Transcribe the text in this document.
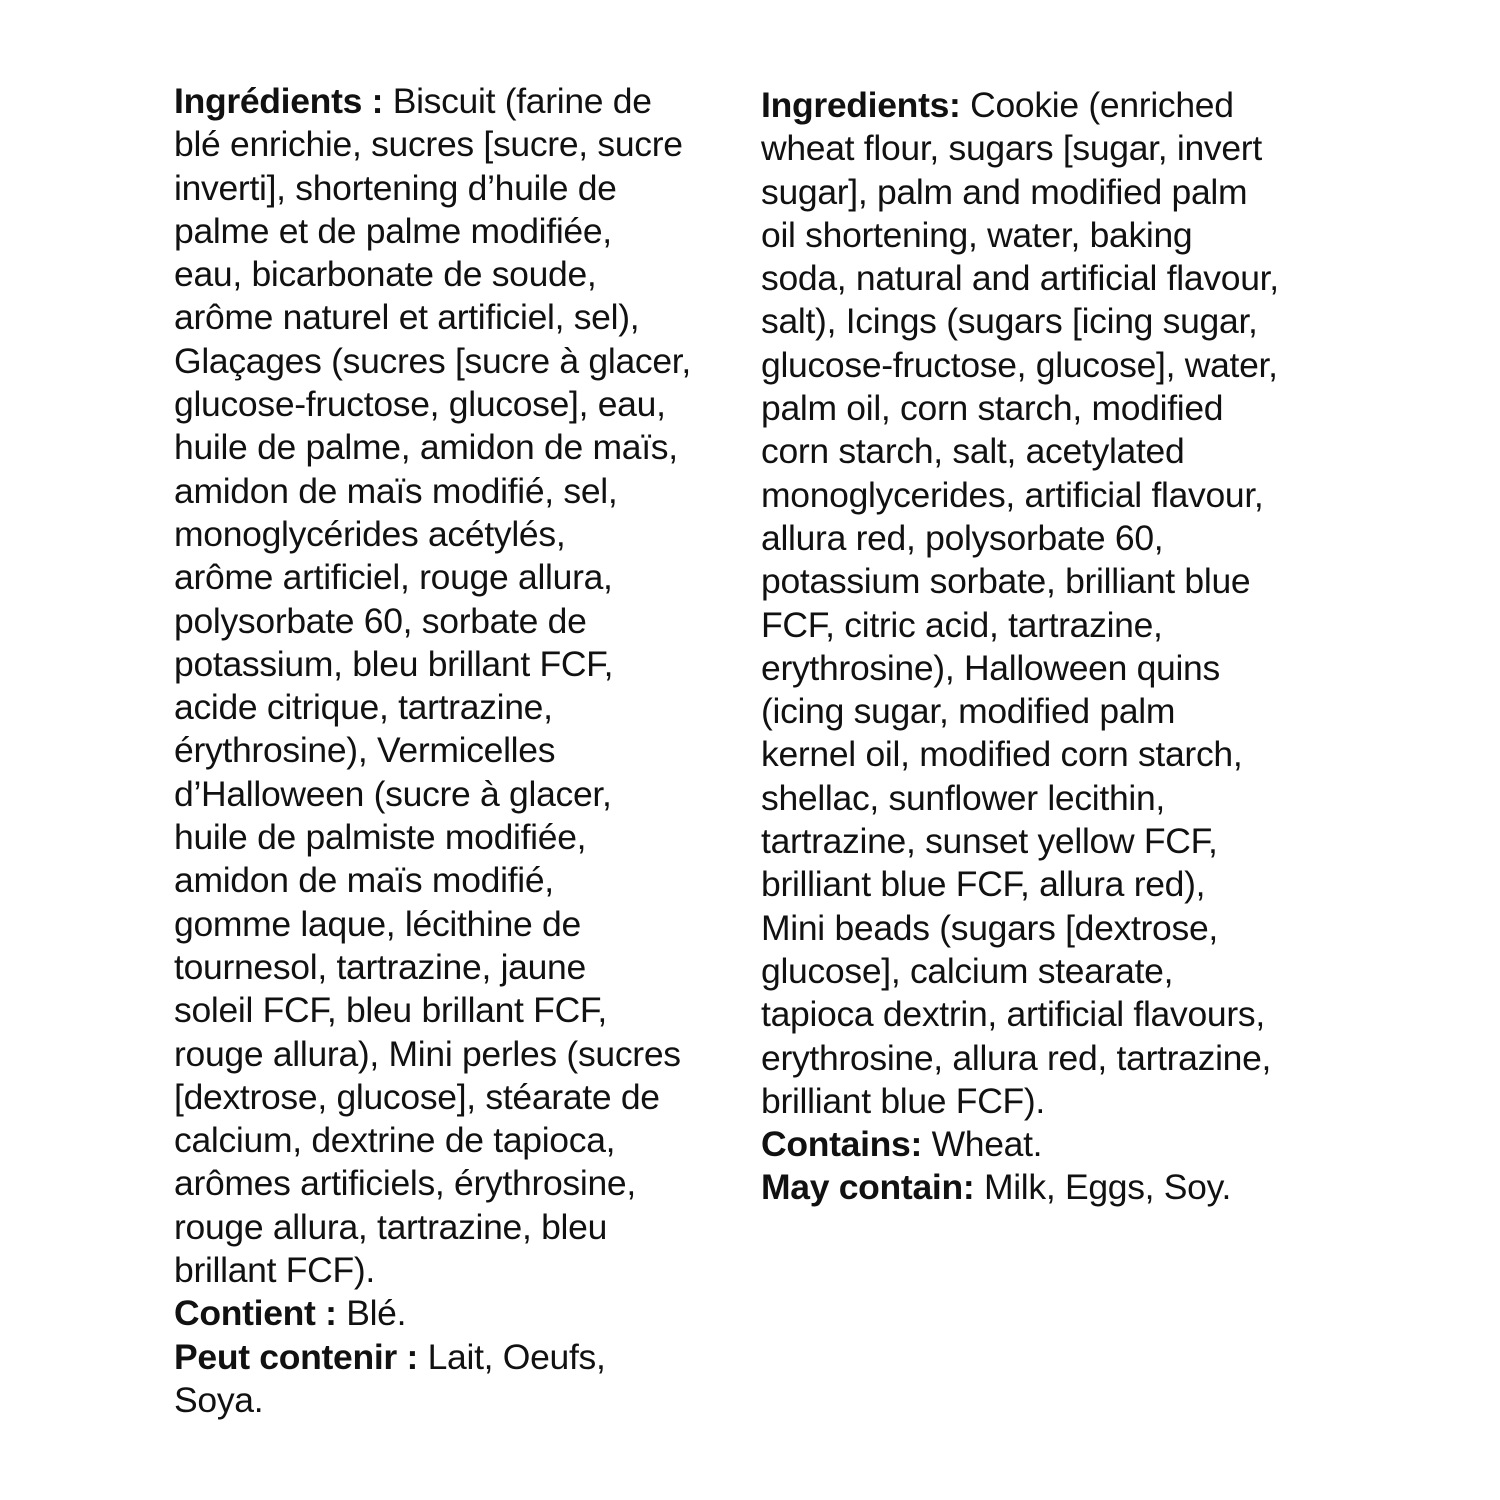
Ingrédients : Biscuit (farine de
blé enrichie, sucres [sucre, sucre
inverti], shortening d’huile de
palme et de palme modifiée,
eau, bicarbonate de soude,
arôme naturel et artificiel, sel),
Glaçages (sucres [sucre à glacer,
glucose-fructose, glucose], eau,
huile de palme, amidon de maïs,
amidon de maïs modifié, sel,
monoglycérides acétylés,
arôme artificiel, rouge allura,
polysorbate 60, sorbate de
potassium, bleu brillant FCF,
acide citrique, tartrazine,
érythrosine), Vermicelles
d’Halloween (sucre à glacer,
huile de palmiste modifiée,
amidon de maïs modifié,
gomme laque, lécithine de
tournesol, tartrazine, jaune
soleil FCF, bleu brillant FCF,
rouge allura), Mini perles (sucres
[dextrose, glucose], stéarate de
calcium, dextrine de tapioca,
arômes artificiels, érythrosine,
rouge allura, tartrazine, bleu
brillant FCF).
Contient : Blé.
Peut contenir : Lait, Oeufs,
Soya.
Ingredients: Cookie (enriched
wheat flour, sugars [sugar, invert
sugar], palm and modified palm
oil shortening, water, baking
soda, natural and artificial flavour,
salt), Icings (sugars [icing sugar,
glucose-fructose, glucose], water,
palm oil, corn starch, modified
corn starch, salt, acetylated
monoglycerides, artificial flavour,
allura red, polysorbate 60,
potassium sorbate, brilliant blue
FCF, citric acid, tartrazine,
erythrosine), Halloween quins
(icing sugar, modified palm
kernel oil, modified corn starch,
shellac, sunflower lecithin,
tartrazine, sunset yellow FCF,
brilliant blue FCF, allura red),
Mini beads (sugars [dextrose,
glucose], calcium stearate,
tapioca dextrin, artificial flavours,
erythrosine, allura red, tartrazine,
brilliant blue FCF).
Contains: Wheat.
May contain: Milk, Eggs, Soy.
